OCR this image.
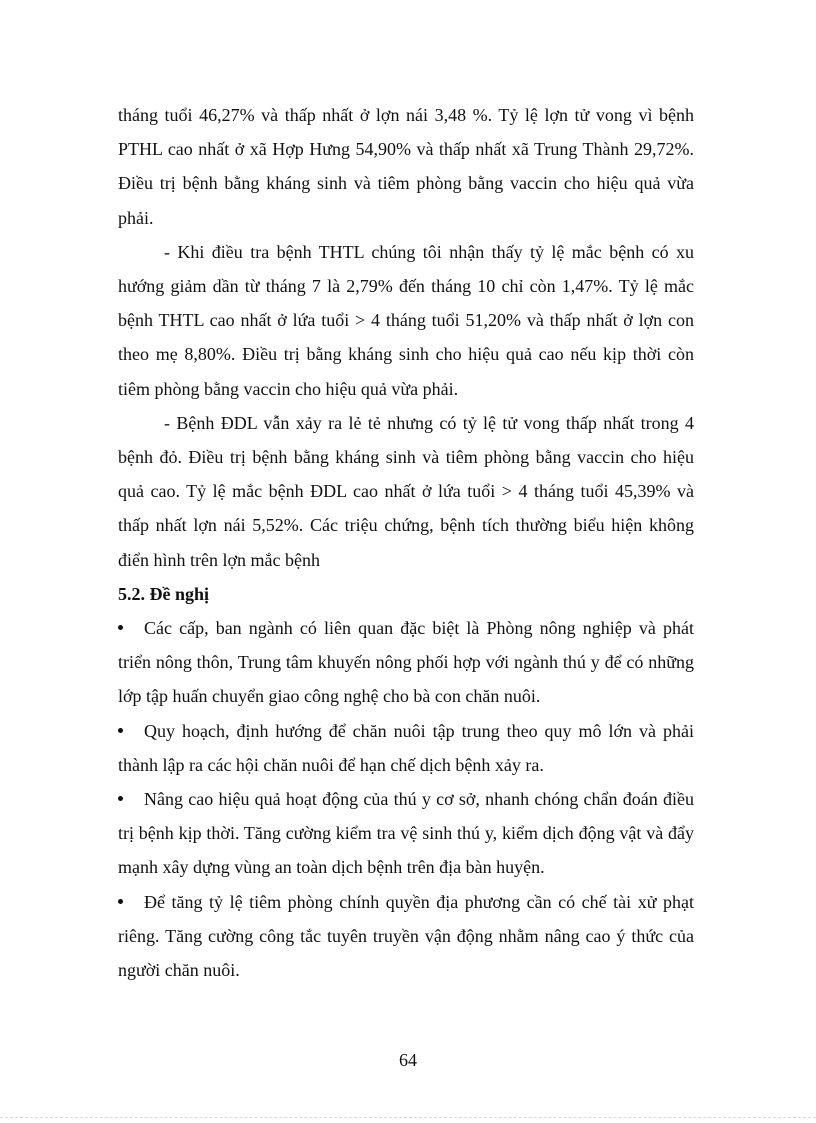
tháng tuổi 46,27% và thấp nhất ở lợn nái 3,48 %. Tỷ lệ lợn tử vong vì bệnh PTHL cao nhất ở xã Hợp Hưng 54,90% và thấp nhất xã Trung Thành 29,72%. Điều trị bệnh bằng kháng sinh và tiêm phòng bằng vaccin cho hiệu quả vừa phải.

- Khi điều tra bệnh THTL chúng tôi nhận thấy tỷ lệ mắc bệnh có xu hướng giảm dần từ tháng 7 là 2,79% đến tháng 10 chỉ còn 1,47%. Tỷ lệ mắc bệnh THTL cao nhất ở lứa tuổi > 4 tháng tuổi 51,20% và thấp nhất ở lợn con theo mẹ 8,80%. Điều trị bằng kháng sinh cho hiệu quả cao nếu kịp thời còn tiêm phòng bằng vaccin cho hiệu quả vừa phải.

- Bệnh ĐDL vẫn xảy ra lẻ tẻ nhưng có tỷ lệ tử vong thấp nhất trong 4 bệnh đỏ. Điều trị bệnh bằng kháng sinh và tiêm phòng bằng vaccin cho hiệu quả cao. Tỷ lệ mắc bệnh ĐDL cao nhất ở lứa tuổi > 4 tháng tuổi 45,39% và thấp nhất lợn nái 5,52%. Các triệu chứng, bệnh tích thường biểu hiện không điển hình trên lợn mắc bệnh

5.2. Đề nghị

Các cấp, ban ngành có liên quan đặc biệt là Phòng nông nghiệp và phát triển nông thôn, Trung tâm khuyến nông phối hợp với ngành thú y để có những lớp tập huấn chuyển giao công nghệ cho bà con chăn nuôi.
Quy hoạch, định hướng để chăn nuôi tập trung theo quy mô lớn và phải thành lập ra các hội chăn nuôi để hạn chế dịch bệnh xảy ra.
Nâng cao hiệu quả hoạt động của thú y cơ sở, nhanh chóng chẩn đoán điều trị bệnh kịp thời. Tăng cường kiểm tra vệ sinh thú y, kiểm dịch động vật và đẩy mạnh xây dựng vùng an toàn dịch bệnh trên địa bàn huyện.
Để tăng tỷ lệ tiêm phòng chính quyền địa phương cần có chế tài xử phạt riêng. Tăng cường công tắc tuyên truyền vận động nhằm nâng cao ý thức của người chăn nuôi.
64
